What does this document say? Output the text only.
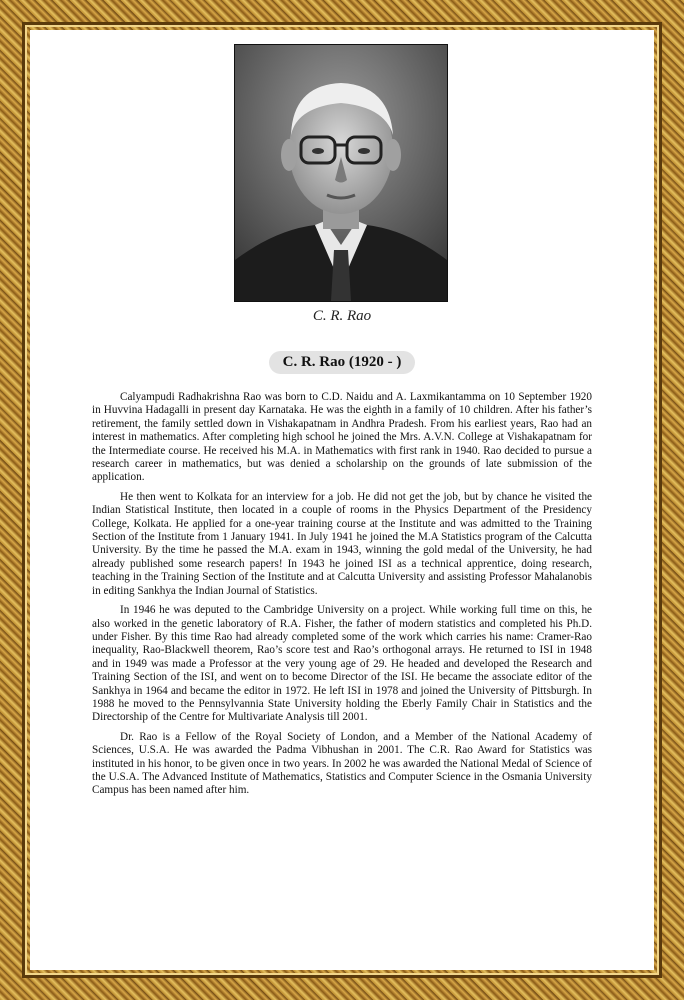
C. R. Rao
C. R. Rao (1920 - )

Calyampudi Radhakrishna Rao was born to C.D. Naidu and A. Laxmikantamma on 10 September 1920 in Huvvina Hadagalli in present day Karnataka. He was the eighth in a family of 10 children. After his father’s retirement, the family settled down in Vishakapatnam in Andhra Pradesh. From his earliest years, Rao had an interest in mathematics. After completing high school he joined the Mrs. A.V.N. College at Vishakapatnam for the Intermediate course. He received his M.A. in Mathematics with first rank in 1940. Rao decided to pursue a research career in mathematics, but was denied a scholarship on the grounds of late submission of the application.

He then went to Kolkata for an interview for a job. He did not get the job, but by chance he visited the Indian Statistical Institute, then located in a couple of rooms in the Physics Department of the Presidency College, Kolkata. He applied for a one-year training course at the Institute and was admitted to the Training Section of the Institute from 1 January 1941. In July 1941 he joined the M.A Statistics program of the Calcutta University. By the time he passed the M.A. exam in 1943, winning the gold medal of the University, he had already published some research papers! In 1943 he joined ISI as a technical apprentice, doing research, teaching in the Training Section of the Institute and at Calcutta University and assisting Professor Mahalanobis in editing Sankhya the Indian Journal of Statistics.

In 1946 he was deputed to the Cambridge University on a project. While working full time on this, he also worked in the genetic laboratory of R.A. Fisher, the father of modern statistics and completed his Ph.D. under Fisher. By this time Rao had already completed some of the work which carries his name: Cramer-Rao inequality, Rao-Blackwell theorem, Rao’s score test and Rao’s orthogonal arrays. He returned to ISI in 1948 and in 1949 was made a Professor at the very young age of 29. He headed and developed the Research and Training Section of the ISI, and went on to become Director of the ISI. He became the associate editor of the Sankhya in 1964 and became the editor in 1972. He left ISI in 1978 and joined the University of Pittsburgh. In 1988 he moved to the Pennsylvannia State University holding the Eberly Family Chair in Statistics and the Directorship of the Centre for Multivariate Analysis till 2001.

Dr. Rao is a Fellow of the Royal Society of London, and a Member of the National Academy of Sciences, U.S.A. He was awarded the Padma Vibhushan in 2001. The C.R. Rao Award for Statistics was instituted in his honor, to be given once in two years. In 2002 he was awarded the National Medal of Science of the U.S.A. The Advanced Institute of Mathematics, Statistics and Computer Science in the Osmania University Campus has been named after him.
